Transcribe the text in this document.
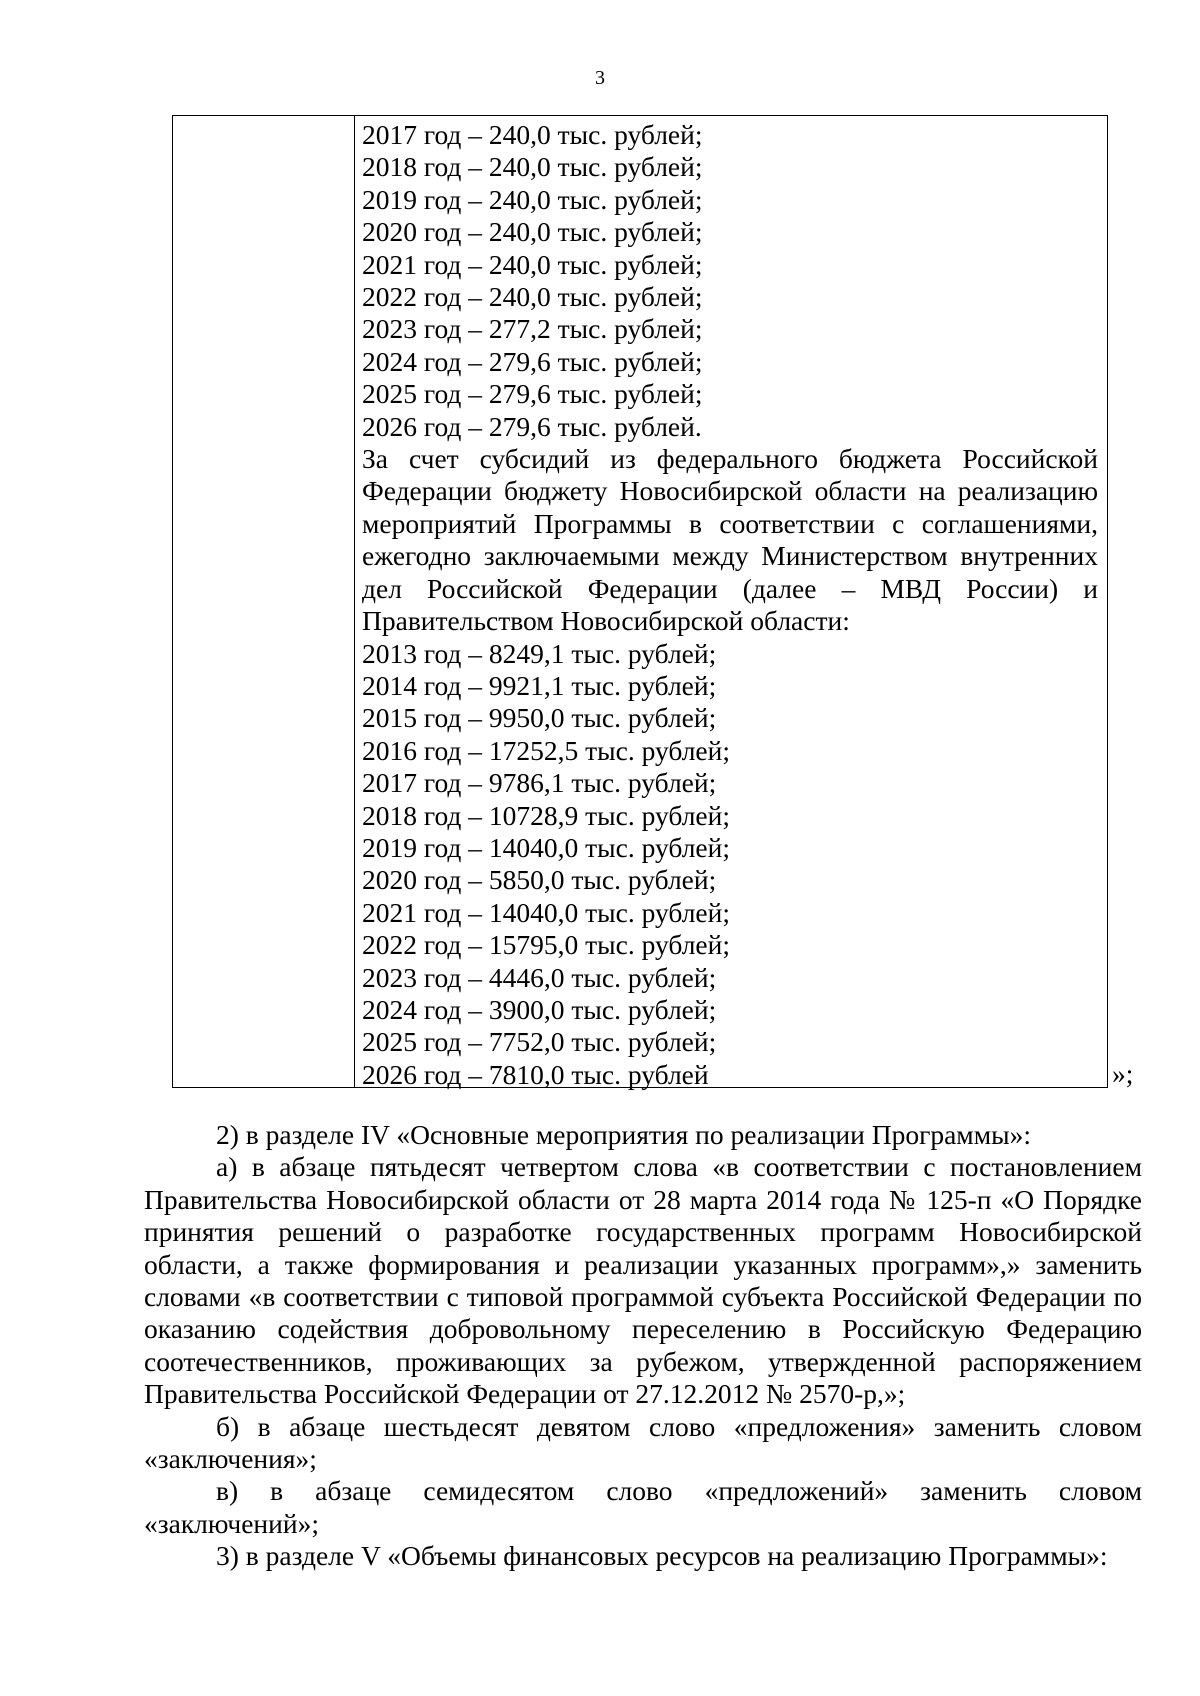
3
2017 год – 240,0 тыс. рублей;
2018 год – 240,0 тыс. рублей;
2019 год – 240,0 тыс. рублей;
2020 год – 240,0 тыс. рублей;
2021 год – 240,0 тыс. рублей;
2022 год – 240,0 тыс. рублей;
2023 год – 277,2 тыс. рублей;
2024 год – 279,6 тыс. рублей;
2025 год – 279,6 тыс. рублей;
2026 год – 279,6 тыс. рублей.
За счет субсидий из федерального бюджета Российской Федерации бюджету Новосибирской области на реализацию мероприятий Программы в соответствии с соглашениями, ежегодно заключаемыми между Министерством внутренних дел Российской Федерации (далее – МВД России) и Правительством Новосибирской области:
2013 год – 8249,1 тыс. рублей;
2014 год – 9921,1 тыс. рублей;
2015 год – 9950,0 тыс. рублей;
2016 год – 17252,5 тыс. рублей;
2017 год – 9786,1 тыс. рублей;
2018 год – 10728,9 тыс. рублей;
2019 год – 14040,0 тыс. рублей;
2020 год – 5850,0 тыс. рублей;
2021 год – 14040,0 тыс. рублей;
2022 год – 15795,0 тыс. рублей;
2023 год – 4446,0 тыс. рублей;
2024 год – 3900,0 тыс. рублей;
2025 год – 7752,0 тыс. рублей;
2026 год – 7810,0 тыс. рублей	»;

2) в разделе IV «Основные мероприятия по реализации Программы»:

а) в абзаце пятьдесят четвертом слова «в соответствии с постановлением Правительства Новосибирской области от 28 марта 2014 года № 125-п «О Порядке принятия решений о разработке государственных программ Новосибирской области, а также формирования и реализации указанных программ»,» заменить словами «в соответствии с типовой программой субъекта Российской Федерации по оказанию содействия добровольному переселению в Российскую Федерацию соотечественников, проживающих за рубежом, утвержденной распоряжением Правительства Российской Федерации от 27.12.2012 № 2570-р,»;

б) в абзаце шестьдесят девятом слово «предложения» заменить словом «заключения»;

в) в абзаце семидесятом слово «предложений» заменить словом «заключений»;

3) в разделе V «Объемы финансовых ресурсов на реализацию Программы»:
